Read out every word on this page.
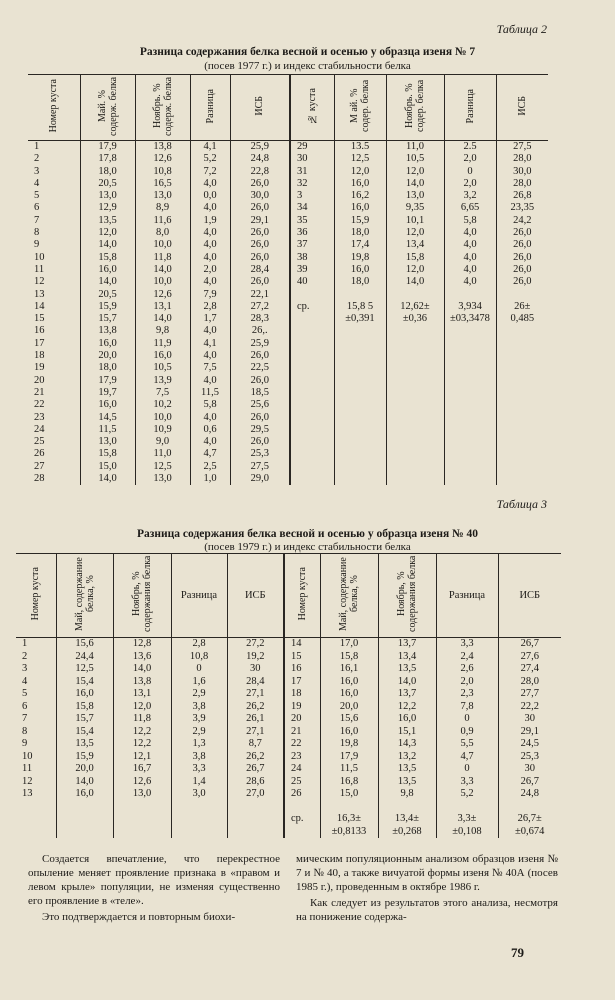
Таблица 2
Разница содержания белка весной и осенью у образца изеня № 7
(посев 1977 г.) и индекс стабильности белка
Номер куста	Май. % содерж. белка	Ноябрь. % содерж. белка	Разница	ИСБ	№ куста	М ай. % содер. белка	Ноябрь. % содер. белка	Разница	ИСБ
1	17,9	13,8	4,1	25,9	29	13.5	11,0	2.5	27,5
2	17,8	12,6	5,2	24,8	30	12,5	10,5	2,0	28,0
3	18,0	10,8	7,2	22,8	31	12,0	12,0	0	30,0
4	20,5	16,5	4,0	26,0	32	16,0	14,0	2,0	28,0
5	13,0	13,0	0,0	30,0	3	16,2	13,0	3,2	26,8
6	12,9	8,9	4,0	26,0	34	16,0	9,35	6,65	23,35
7	13,5	11,6	1,9	29,1	35	15,9	10,1	5,8	24,2
8	12,0	8,0	4,0	26,0	36	18,0	12,0	4,0	26,0
9	14,0	10,0	4,0	26,0	37	17,4	13,4	4,0	26,0
10	15,8	11,8	4,0	26,0	38	19,8	15,8	4,0	26,0
11	16,0	14,0	2,0	28,4	39	16,0	12,0	4,0	26,0
12	14,0	10,0	4,0	26,0	40	18,0	14,0	4,0	26,0
13	20,5	12,6	7,9	22,1					
14	15,9	13,1	2,8	27,2	ср.	15,8 5	12,62±	3,934	26±
15	15,7	14,0	1,7	28,3		±0,391	±0,36	±03,3478	0,485
16	13,8	9,8	4,0	26,.					
17	16,0	11,9	4,1	25,9					
18	20,0	16,0	4,0	26,0					
19	18,0	10,5	7,5	22,5					
20	17,9	13,9	4,0	26,0					
21	19,7	7,5	11,5	18,5					
22	16,0	10,2	5,8	25,6					
23	14,5	10,0	4,0	26,0					
24	11,5	10,9	0,6	29,5					
25	13,0	9,0	4,0	26,0					
26	15,8	11,0	4,7	25,3					
27	15,0	12,5	2,5	27,5					
28	14,0	13,0	1,0	29,0					
Таблица 3
Разница содержания белка весной и осенью у образца изеня № 40
(посев 1979 г.) и индекс стабильности белка
Номер куста	Май, содержание белка, %	Ноябрь, % содержания белка	Разница	ИСБ	Номер куста	Май, содержание белка, %	Ноябрь, % содержания белка	Разница	ИСБ
1	15,6	12,8	2,8	27,2	14	17,0	13,7	3,3	26,7
2	24,4	13,6	10,8	19,2	15	15,8	13,4	2,4	27,6
3	12,5	14,0	0	30	16	16,1	13,5	2,6	27,4
4	15,4	13,8	1,6	28,4	17	16,0	14,0	2,0	28,0
5	16,0	13,1	2,9	27,1	18	16,0	13,7	2,3	27,7
6	15,8	12,0	3,8	26,2	19	20,0	12,2	7,8	22,2
7	15,7	11,8	3,9	26,1	20	15,6	16,0	0	30
8	15,4	12,2	2,9	27,1	21	16,0	15,1	0,9	29,1
9	13,5	12,2	1,3	8,7	22	19,8	14,3	5,5	24,5
10	15,9	12,1	3,8	26,2	23	17,9	13,2	4,7	25,3
11	20,0	16,7	3,3	26,7	24	11,5	13,5	0	30
12	14,0	12,6	1,4	28,6	25	16,8	13,5	3,3	26,7
13	16,0	13,0	3,0	27,0	26	15,0	9,8	5,2	24,8

					ср.	16,3±	13,4±	3,3±	26,7±
						±0,8133	±0,268	±0,108	±0,674

Создается впечатление, что перекрестное опыление меняет проявление признака в «правом и левом крыле» популяции, не изменяя существенно его проявление в «теле».

Это подтверждается и повторным биохи-

мическим популяционным анализом образцов изеня № 7 и № 40, а также вичуатой формы изеня № 40А (посев 1985 г.), проведенным в октябре 1986 г.

Как следует из результатов этого анализа, несмотря на понижение содержа-

79
